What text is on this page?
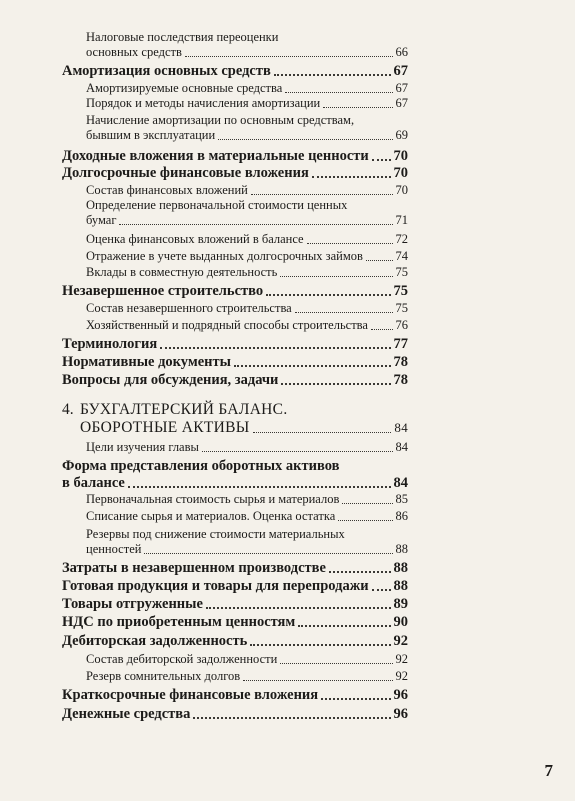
Налоговые последствия переоценки
основных средств	66
Амортизация основных средств	67
Амортизируемые основные средства	67
Порядок и методы начисления амортизации	67
Начисление амортизации по основным средствам,
бывшим в эксплуатации	69
Доходные вложения в материальные ценности 70
Долгосрочные финансовые вложения	70
Состав финансовых вложений	70
Определение первоначальной стоимости ценных
бумаг	71
Оценка финансовых вложений в балансе	72
Отражение в учете выданных долгосрочных займов	74
Вклады в совместную деятельность	75
Незавершенное строительство	75
Состав незавершенного строительства	75
Хозяйственный и подрядный способы строительства 76
Терминология	77
Нормативные документы	78
Вопросы для обсуждения, задачи	78
4. БУХГАЛТЕРСКИЙ БАЛАНС.
ОБОРОТНЫЕ АКТИВЫ	84
Цели изучения главы	84
Форма представления оборотных активов
в балансе	84
Первоначальная стоимость сырья и материалов	85
Списание сырья и материалов. Оценка остатка	86
Резервы под снижение стоимости материальных
ценностей	88
Затраты в незавершенном производстве	88
Готовая продукция и товары для перепродажи 88
Товары отгруженные	89
НДС по приобретенным ценностям	90
Дебиторская задолженность	92
Состав дебиторской задолженности	92
Резерв сомнительных долгов	92
Краткосрочные финансовые вложения	96
Денежные средства	96
7
